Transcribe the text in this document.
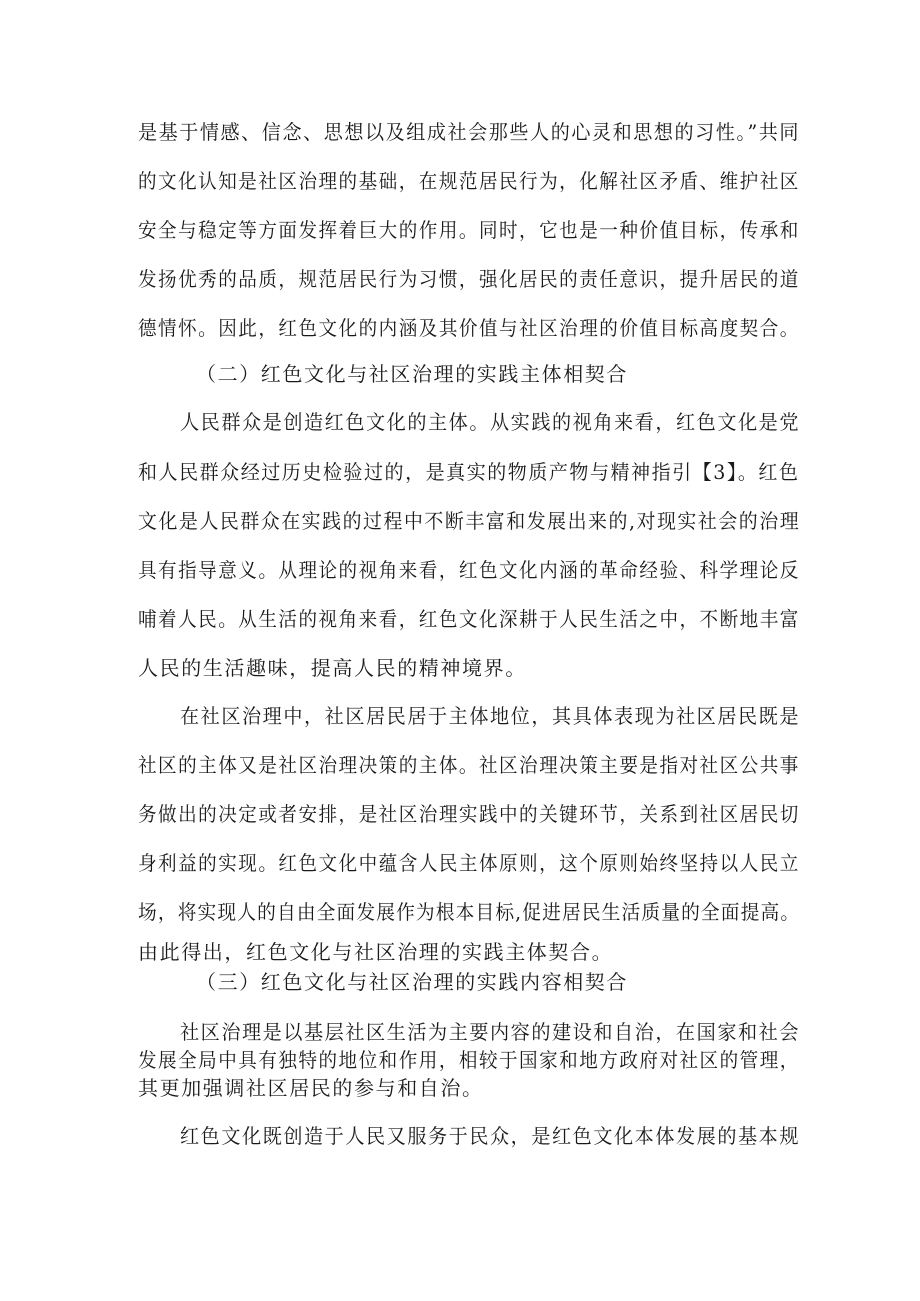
是基于情感、信念、思想以及组成社会那些人的心灵和思想的习性。”共同
的文化认知是社区治理的基础，在规范居民行为，化解社区矛盾、维护社区
安全与稳定等方面发挥着巨大的作用。同时，它也是一种价值目标，传承和
发扬优秀的品质，规范居民行为习惯，强化居民的责任意识，提升居民的道
德情怀。因此，红色文化的内涵及其价值与社区治理的价值目标高度契合。
（二）红色文化与社区治理的实践主体相契合
人民群众是创造红色文化的主体。从实践的视角来看，红色文化是党
和人民群众经过历史检验过的，是真实的物质产物与精神指引【3】。红色
文化是人民群众在实践的过程中不断丰富和发展出来的,对现实社会的治理
具有指导意义。从理论的视角来看，红色文化内涵的革命经验、科学理论反
哺着人民。从生活的视角来看，红色文化深耕于人民生活之中，不断地丰富
人民的生活趣味，提高人民的精神境界。
在社区治理中，社区居民居于主体地位，其具体表现为社区居民既是
社区的主体又是社区治理决策的主体。社区治理决策主要是指对社区公共事
务做出的决定或者安排，是社区治理实践中的关键环节，关系到社区居民切
身利益的实现。红色文化中蕴含人民主体原则，这个原则始终坚持以人民立
场，将实现人的自由全面发展作为根本目标,促进居民生活质量的全面提高。
由此得出，红色文化与社区治理的实践主体契合。
（三）红色文化与社区治理的实践内容相契合
社区治理是以基层社区生活为主要内容的建设和自治，在国家和社会
发展全局中具有独特的地位和作用，相较于国家和地方政府对社区的管理，
其更加强调社区居民的参与和自治。
红色文化既创造于人民又服务于民众，是红色文化本体发展的基本规
